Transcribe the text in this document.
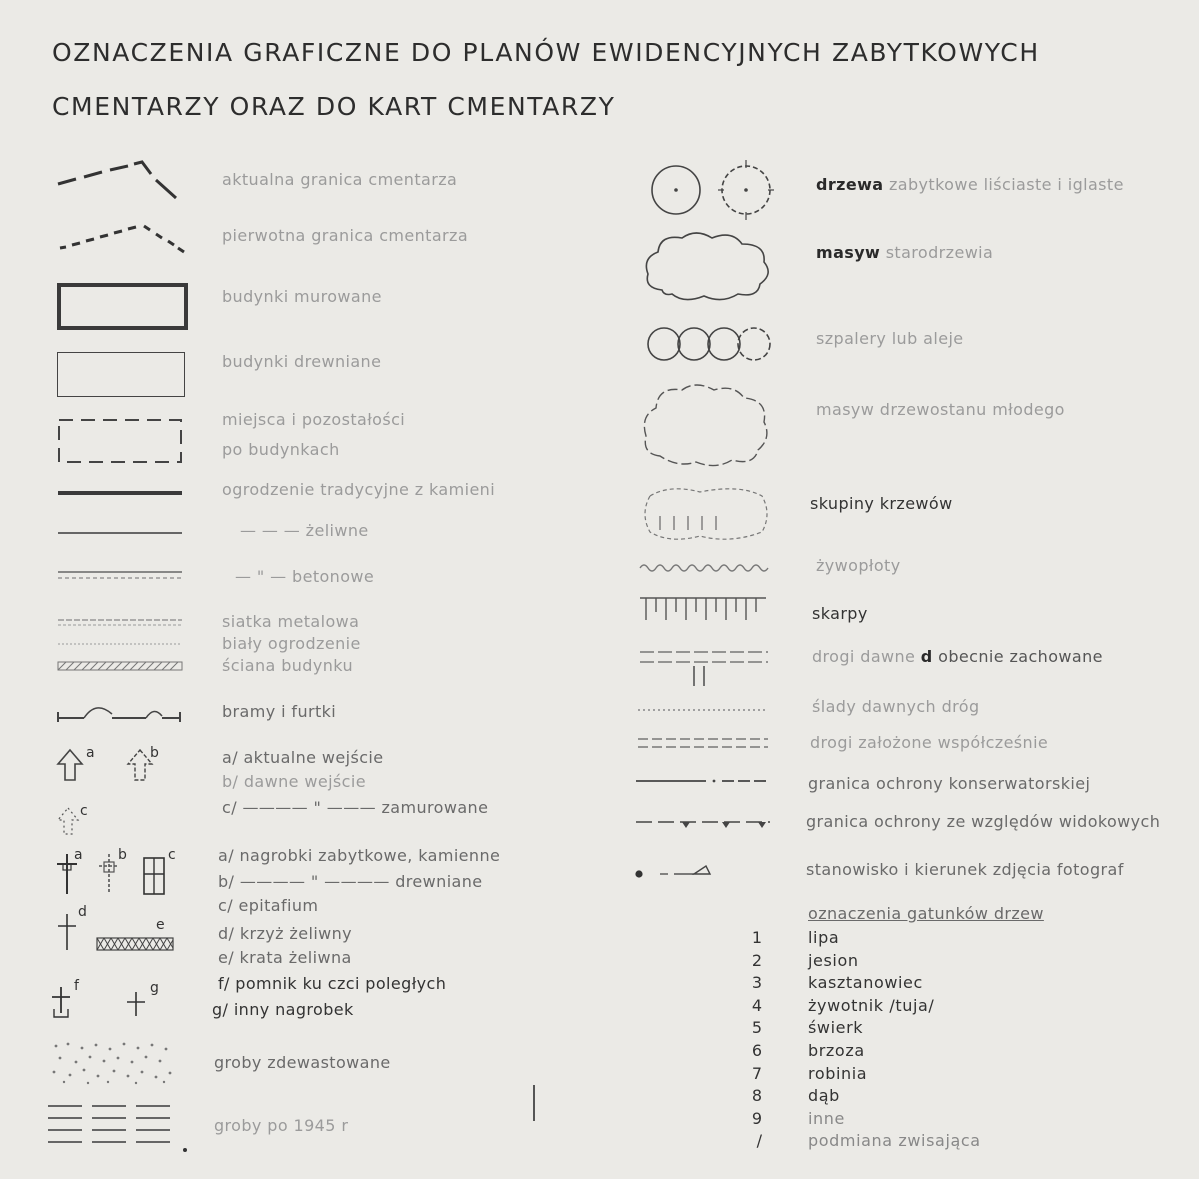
OZNACZENIA GRAFICZNE DO PLANÓW EWIDENCYJNYCH ZABYTKOWYCH
CMENTARZY ORAZ DO KART CMENTARZY
aktualna granica cmentarza
pierwotna granica cmentarza
budynki murowane
budynki drewniane
miejsca i pozostałości
po budynkach
ogrodzenie tradycyjne z kamieni
— — — żeliwne
— " — betonowe
siatka metalowa
biały ogrodzenie
ściana budynku
bramy i furtki
a	b
c
a/ aktualne wejście
b/ dawne wejście
c/ ———— " ——— zamurowane
a	b	c
d
e
f	g
a/ nagrobki zabytkowe, kamienne
b/ ———— " ———— drewniane
c/ epitafium
d/ krzyż żeliwny
e/ krata żeliwna
f/ pomnik ku czci poległych
g/ inny nagrobek
groby zdewastowane
groby po 1945 r
drzewa zabytkowe liściaste i iglaste
masyw starodrzewia
szpalery lub aleje
masyw drzewostanu młodego
skupiny krzewów
żywopłoty
skarpy
drogi dawne d obecnie zachowane
ślady dawnych dróg
drogi założone współcześnie
granica ochrony konserwatorskiej
granica ochrony ze względów widokowych
stanowisko i kierunek zdjęcia fotograf
oznaczenia gatunków drzew
1	lipa
2	jesion
3	kasztanowiec
4	żywotnik /tuja/
5	świerk
6	brzoza
7	robinia
8	dąb
9	inne
/	podmiana zwisająca
